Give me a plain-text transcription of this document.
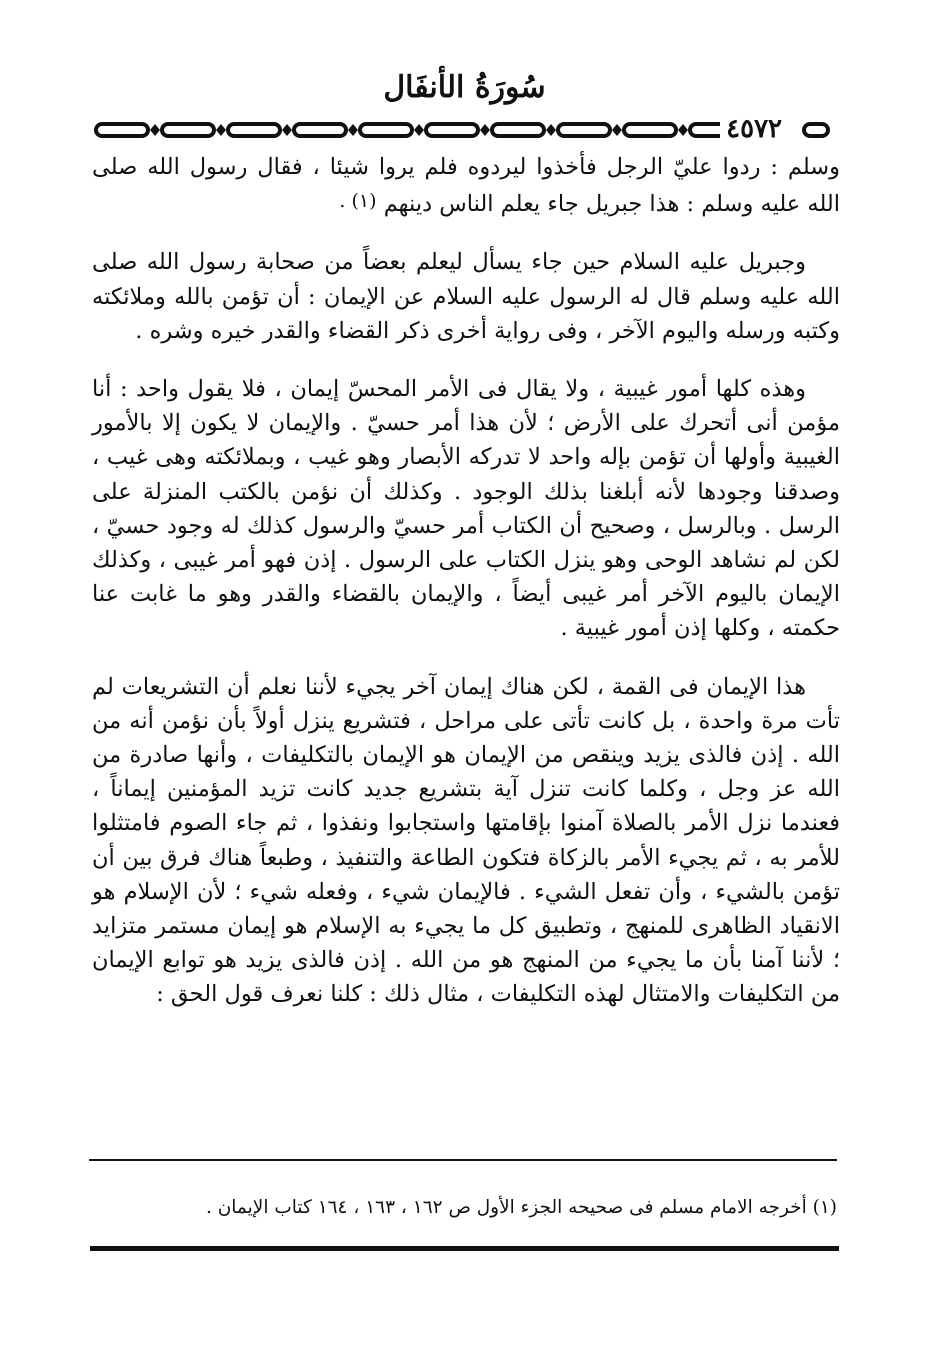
سُورَةُ الأنفَال
٤٥٧٢

وسلم : ردوا عليّ الرجل فأخذوا ليردوه فلم يروا شيئا ، فقال رسول الله صلى الله عليه وسلم : هذا جبريل جاء يعلم الناس دينهم (١) .

وجبريل عليه السلام حين جاء يسأل ليعلم بعضاً من صحابة رسول الله صلى الله عليه وسلم قال له الرسول عليه السلام عن الإيمان : أن تؤمن بالله وملائكته وكتبه ورسله واليوم الآخر ، وفى رواية أخرى ذكر القضاء والقدر خيره وشره .

وهذه كلها أمور غيبية ، ولا يقال فى الأمر المحسّ إيمان ، فلا يقول واحد : أنا مؤمن أنى أتحرك على الأرض ؛ لأن هذا أمر حسيّ . والإيمان لا يكون إلا بالأمور الغيبية وأولها أن تؤمن بإله واحد لا تدركه الأبصار وهو غيب ، وبملائكته وهى غيب ، وصدقنا وجودها لأنه أبلغنا بذلك الوجود . وكذلك أن نؤمن بالكتب المنزلة على الرسل . وبالرسل ، وصحيح أن الكتاب أمر حسيّ والرسول كذلك له وجود حسيّ ، لكن لم نشاهد الوحى وهو ينزل الكتاب على الرسول . إذن فهو أمر غيبى ، وكذلك الإيمان باليوم الآخر أمر غيبى أيضاً ، والإيمان بالقضاء والقدر وهو ما غابت عنا حكمته ، وكلها إذن أمور غيبية .

هذا الإيمان فى القمة ، لكن هناك إيمان آخر يجيء لأننا نعلم أن التشريعات لم تأت مرة واحدة ، بل كانت تأتى على مراحل ، فتشريع ينزل أولاً بأن نؤمن أنه من الله . إذن فالذى يزيد وينقص من الإيمان هو الإيمان بالتكليفات ، وأنها صادرة من الله عز وجل ، وكلما كانت تنزل آية بتشريع جديد كانت تزيد المؤمنين إيماناً ، فعندما نزل الأمر بالصلاة آمنوا بإقامتها واستجابوا ونفذوا ، ثم جاء الصوم فامتثلوا للأمر به ، ثم يجيء الأمر بالزكاة فتكون الطاعة والتنفيذ ، وطبعاً هناك فرق بين أن تؤمن بالشيء ، وأن تفعل الشيء . فالإيمان شيء ، وفعله شيء ؛ لأن الإسلام هو الانقياد الظاهرى للمنهج ، وتطبيق كل ما يجيء به الإسلام هو إيمان مستمر متزايد ؛ لأننا آمنا بأن ما يجيء من المنهج هو من الله . إذن فالذى يزيد هو توابع الإيمان من التكليفات والامتثال لهذه التكليفات ، مثال ذلك : كلنا نعرف قول الحق :

(١) أخرجه الامام مسلم فى صحيحه الجزء الأول ص ١٦٢ ، ١٦٣ ، ١٦٤ كتاب الإيمان .
